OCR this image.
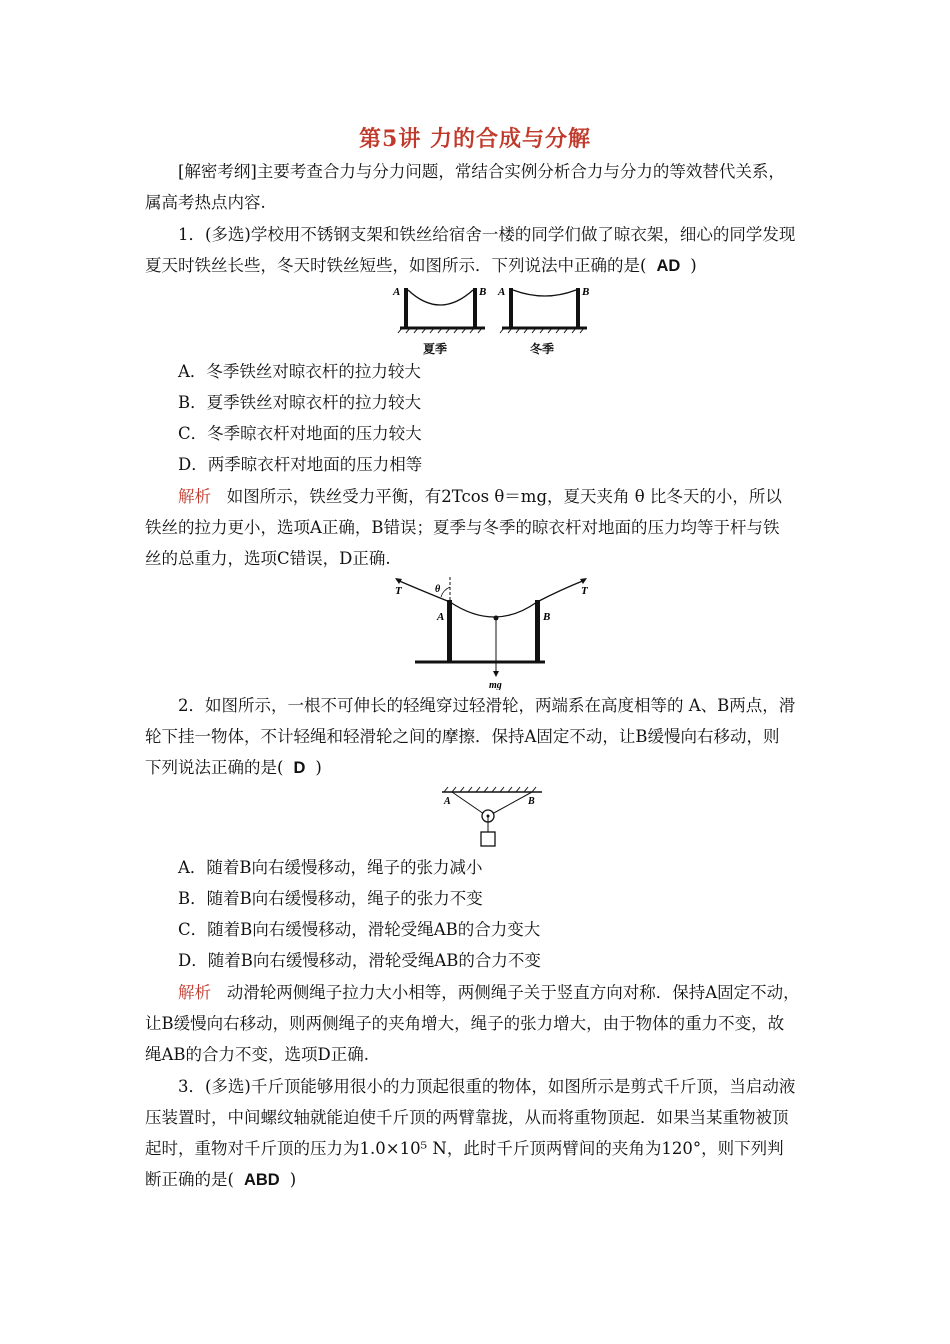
第5讲 力的合成与分解
[解密考纲]主要考查合力与分力问题，常结合实例分析合力与分力的等效替代关系，
属高考热点内容.
1．(多选)学校用不锈钢支架和铁丝给宿舍一楼的同学们做了晾衣架，细心的同学发现
夏天时铁丝长些，冬天时铁丝短些，如图所示．下列说法中正确的是( AD )
A	B A	B
夏季	冬季
A．冬季铁丝对晾衣杆的拉力较大
B．夏季铁丝对晾衣杆的拉力较大
C．冬季晾衣杆对地面的压力较大
D．两季晾衣杆对地面的压力相等
解析 如图所示，铁丝受力平衡，有2Tcos θ＝mg，夏天夹角 θ 比冬天的小，所以
铁丝的拉力更小，选项A正确，B错误；夏季与冬季的晾衣杆对地面的压力均等于杆与铁
丝的总重力，选项C错误，D正确.
T	T
θ
A	B
mg
2．如图所示，一根不可伸长的轻绳穿过轻滑轮，两端系在高度相等的 A、B两点，滑
轮下挂一物体，不计轻绳和轻滑轮之间的摩擦．保持A固定不动，让B缓慢向右移动，则
下列说法正确的是( D )
A	B
A．随着B向右缓慢移动，绳子的张力减小
B．随着B向右缓慢移动，绳子的张力不变
C．随着B向右缓慢移动，滑轮受绳AB的合力变大
D．随着B向右缓慢移动，滑轮受绳AB的合力不变
解析 动滑轮两侧绳子拉力大小相等，两侧绳子关于竖直方向对称．保持A固定不动，
让B缓慢向右移动，则两侧绳子的夹角增大，绳子的张力增大，由于物体的重力不变，故
绳AB的合力不变，选项D正确.
3．(多选)千斤顶能够用很小的力顶起很重的物体，如图所示是剪式千斤顶，当启动液
压装置时，中间螺纹轴就能迫使千斤顶的两臂靠拢，从而将重物顶起．如果当某重物被顶
起时，重物对千斤顶的压力为1.0×10⁵ N，此时千斤顶两臂间的夹角为120°，则下列判
断正确的是( ABD )
